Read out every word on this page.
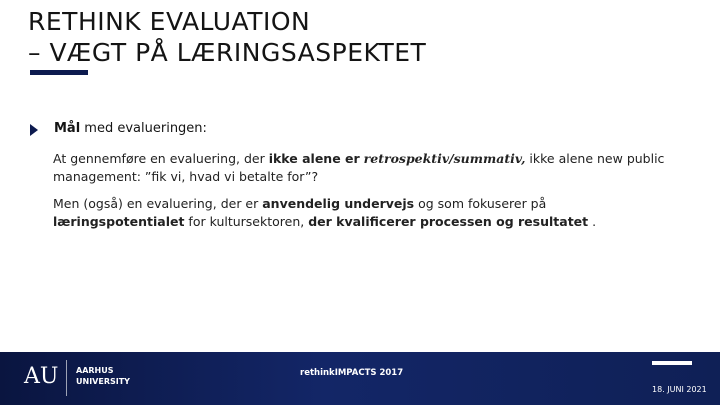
RETHINK EVALUATION
– VÆGT PÅ LÆRINGSASPEKTET
Mål med evalueringen:
At gennemføre en evaluering, der ikke alene er retrospektiv/summativ, ikke alene new public
management: ”fik vi, hvad vi betalte for”?
Men (også) en evaluering, der er anvendelig undervejs og som fokuserer på
læringspotentialet for kultursektoren, der kvalificerer processen og resultatet .
AU AARHUS
UNIVERSITY
rethinkIMPACTS 2017
18. JUNI 2021
